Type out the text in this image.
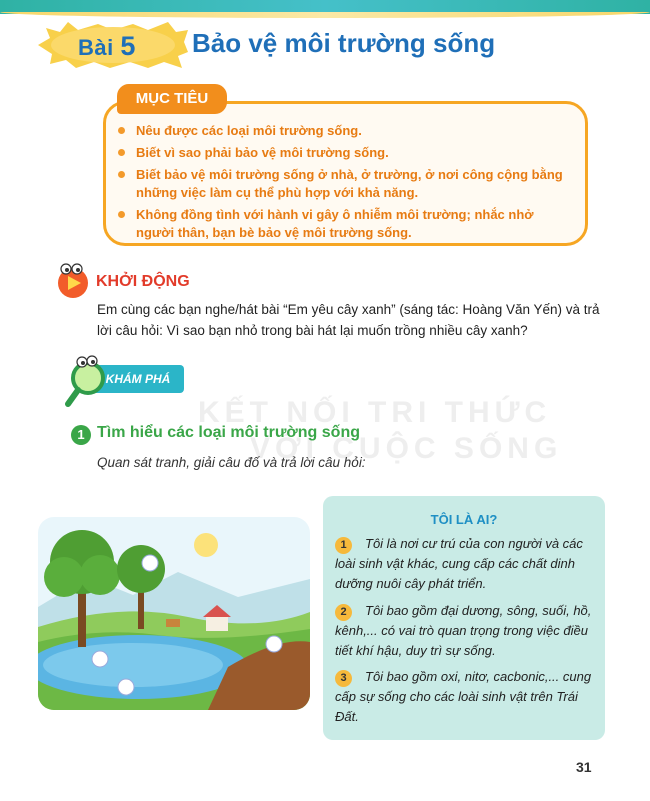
KẾT NỐI TRI THỨC
VỚI CUỘC SỐNG
Bài 5 Bảo vệ môi trường sống
MỤC TIÊU
Nêu được các loại môi trường sống.
Biết vì sao phải bảo vệ môi trường sống.
Biết bảo vệ môi trường sống ở nhà, ở trường, ở nơi công cộng bằng những việc làm cụ thể phù hợp với khả năng.
Không đồng tình với hành vi gây ô nhiễm môi trường; nhắc nhở người thân, bạn bè bảo vệ môi trường sống.
KHỞI ĐỘNG
Em cùng các bạn nghe/hát bài “Em yêu cây xanh” (sáng tác: Hoàng Văn Yến) và trả lời câu hỏi: Vì sao bạn nhỏ trong bài hát lại muốn trồng nhiều cây xanh?
KHÁM PHÁ
1 Tìm hiểu các loại môi trường sống
Quan sát tranh, giải câu đố và trả lời câu hỏi:
TÔI LÀ AI?
1	Tôi là nơi cư trú của con người và các loài sinh vật khác, cung cấp các chất dinh dưỡng nuôi cây phát triển.
2	Tôi bao gồm đại dương, sông, suối, hồ, kênh,... có vai trò quan trọng trong việc điều tiết khí hậu, duy trì sự sống.
3	Tôi bao gồm oxi, nitơ, cacbonic,... cung cấp sự sống cho các loài sinh vật trên Trái Đất.
31
